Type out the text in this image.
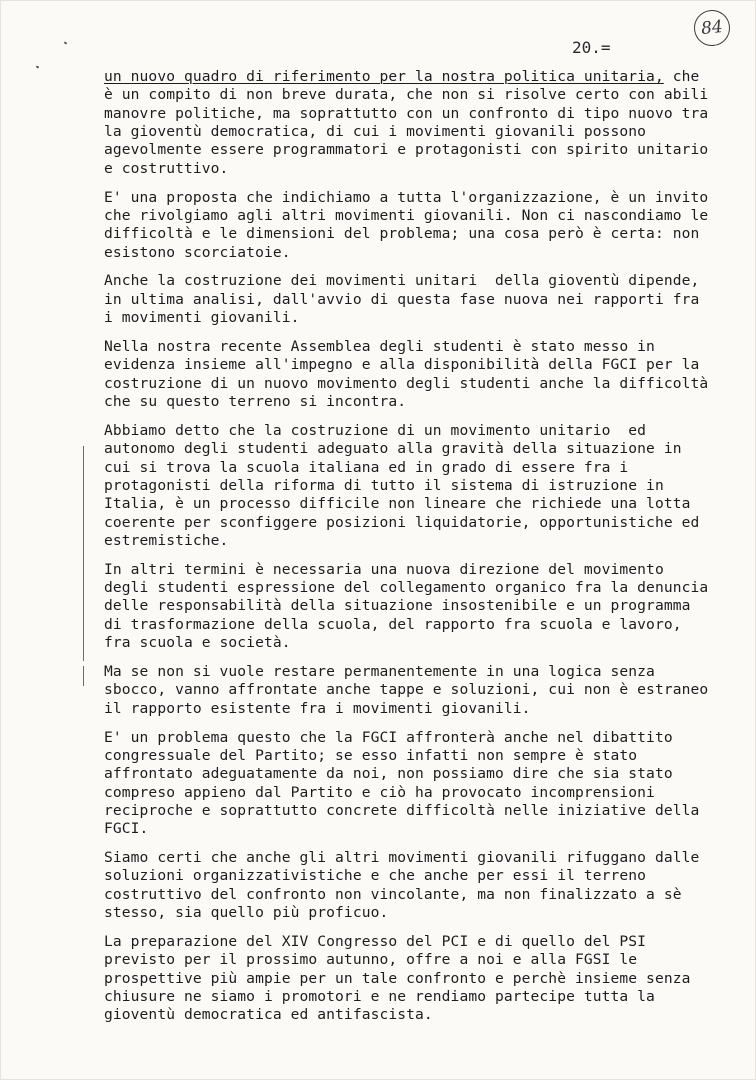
84
20.=

un nuovo quadro di riferimento per la nostra politica unitaria, che è un compito di non breve durata, che non si risolve certo con abili manovre politiche, ma soprattutto con un confronto di tipo nuovo tra la gioventù democratica, di cui i movimenti giovanili possono agevolmente essere programmatori e protagonisti con spirito unitario e costruttivo.

E' una proposta che indichiamo a tutta l'organizzazione, è un invito che rivolgiamo agli altri movimenti giovanili. Non ci nascondiamo le difficoltà e le dimensioni del problema; una cosa però è certa: non esistono scorciatoie.

Anche la costruzione dei movimenti unitari  della gioventù dipende, in ultima analisi, dall'avvio di questa fase nuova nei rapporti fra i movimenti giovanili.

Nella nostra recente Assemblea degli studenti è stato messo in evidenza insieme all'impegno e alla disponibilità della FGCI per la costruzione di un nuovo movimento degli studenti anche la difficoltà che su questo terreno si incontra.

Abbiamo detto che la costruzione di un movimento unitario  ed autonomo degli studenti adeguato alla gravità della situazione in cui si trova la scuola italiana ed in grado di essere fra i protagonisti della riforma di tutto il sistema di istruzione in Italia, è un processo difficile non lineare che richiede una lotta coerente per sconfiggere posizioni liquidatorie, opportunistiche ed estremistiche.

In altri termini è necessaria una nuova direzione del movimento degli studenti espressione del collegamento organico fra la denuncia delle responsabilità della situazione insostenibile e un programma di trasformazione della scuola, del rapporto fra scuola e lavoro, fra scuola e società.

Ma se non si vuole restare permanentemente in una logica senza sbocco, vanno affrontate anche tappe e soluzioni, cui non è estraneo il rapporto esistente fra i movimenti giovanili.

E' un problema questo che la FGCI affronterà anche nel dibattito congressuale del Partito; se esso infatti non sempre è stato affrontato adeguatamente da noi, non possiamo dire che sia stato compreso appieno dal Partito e ciò ha provocato incomprensioni reciproche e soprattutto concrete difficoltà nelle iniziative della FGCI.

Siamo certi che anche gli altri movimenti giovanili rifuggano dalle soluzioni organizzativistiche e che anche per essi il terreno costruttivo del confronto non vincolante, ma non finalizzato a sè stesso, sia quello più proficuo.

La preparazione del XIV Congresso del PCI e di quello del PSI previsto per il prossimo autunno, offre a noi e alla FGSI le prospettive più ampie per un tale confronto e perchè insieme senza chiusure ne siamo i promotori e ne rendiamo partecipe tutta la gioventù democratica ed antifascista.
